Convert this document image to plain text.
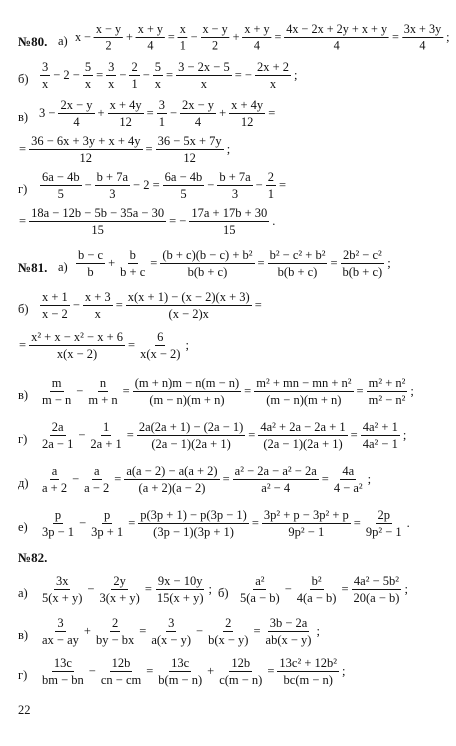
№80. а) $x - \frac{x - y}{2} + \frac{x + y}{4} = \frac{x}{1} - \frac{x - y}{2} + \frac{x + y}{4} = \frac{4x - 2x + 2y + x + y}{4} = \frac{3x + 3y}{4}$ ;
$б) \frac{3}{x} - 2 - \frac{5}{x} = \frac{3}{x} - \frac{2}{1} - \frac{5}{x} = \frac{3 - 2x - 5}{x}$ = − $\frac{2x + 2}{x}$ ;
в) $3 - \frac{2x - y}{4} + \frac{x + 4y}{12} = \frac{3}{1} - \frac{2x - y}{4} + \frac{x + 4y}{12}$ =
= $\frac{36 - 6x + 3y + x + 4y}{12} = \frac{36 - 5x + 7y}{12}$ ;
$г) \frac{6a - 4b}{5} - \frac{b + 7a}{3} - 2 = \frac{6a - 4b}{5} - \frac{b + 7a}{3} - \frac{2}{1}$ =
= $\frac{18a - 12b - 5b - 35a - 30}{15}$ = − $\frac{17a + 17b + 30}{15}$ .
№81. $а) \frac{b - c}{b} + \frac{b}{b + c} = \frac{\text{(b + c)(b − c) + b²}}{b(b + c)} = \frac{\text{b² − c² + b²}}{b(b + c)} = \frac{\text{2b² − c²}}{b(b + c)}$ ;
$б) \frac{x + 1}{x - 2} - \frac{x + 3}{x} = \frac{x(x + 1) - (x - 2)(x + 3)}{(x - 2)x}$ =
= $\frac{\text{x² + x − x² − x + 6}}{x(x - 2)} = \frac{6}{x(x - 2)}$ ;
$в) \frac{m}{m - n} - \frac{n}{m + n} = \frac{(m + n)m - n(m - n)}{(m - n)(m + n)} = \frac{\text{m² + mn − mn + n²}}{(m - n)(m + n)} = \frac{\text{m² + n²}}{\text{m² − n²}}$ ;
$г) \frac{2a}{2a - 1} - \frac{1}{2a + 1} = \frac{2a(2a + 1) - (2a - 1)}{(2a - 1)(2a + 1)} = \frac{\text{4a² + 2a − 2a + 1}}{(2a - 1)(2a + 1)} = \frac{\text{4a² + 1}}{\text{4a² − 1}}$ ;
$д) \frac{a}{a + 2} - \frac{a}{a - 2} = \frac{a(a - 2) - a(a + 2)}{(a + 2)(a - 2)} = \frac{\text{a² − 2a − a² − 2a}}{\text{a² − 4}} = \frac{4a}{\text{4 − a²}}$ ;
$е) \frac{p}{3p - 1} - \frac{p}{3p + 1} = \frac{p(3p + 1) - p(3p - 1)}{(3p - 1)(3p + 1)} = \frac{\text{3p² + p − 3p² + p}}{\text{9p² − 1}} = \frac{2p}{\text{9p² − 1}}$ .
№82.
$а) \frac{3x}{5(x + y)} - \frac{2y}{3(x + y)} = \frac{9x - 10y}{15(x + y)}$ ; $б) \frac{\text{a²}}{5(a - b)} - \frac{\text{b²}}{4(a - b)} = \frac{\text{4a² − 5b²}}{20(a - b)}$ ;
$в) \frac{3}{ax - ay} + \frac{2}{by - bx} = \frac{3}{a(x - y)} - \frac{2}{b(x - y)} = \frac{3b - 2a}{ab(x - y)}$ ;
$г) \frac{13c}{bm - bn} - \frac{12b}{cn - cm} = \frac{13c}{b(m - n)} + \frac{12b}{c(m - n)} = \frac{\text{13c² + 12b²}}{bc(m - n)}$ ;
22
